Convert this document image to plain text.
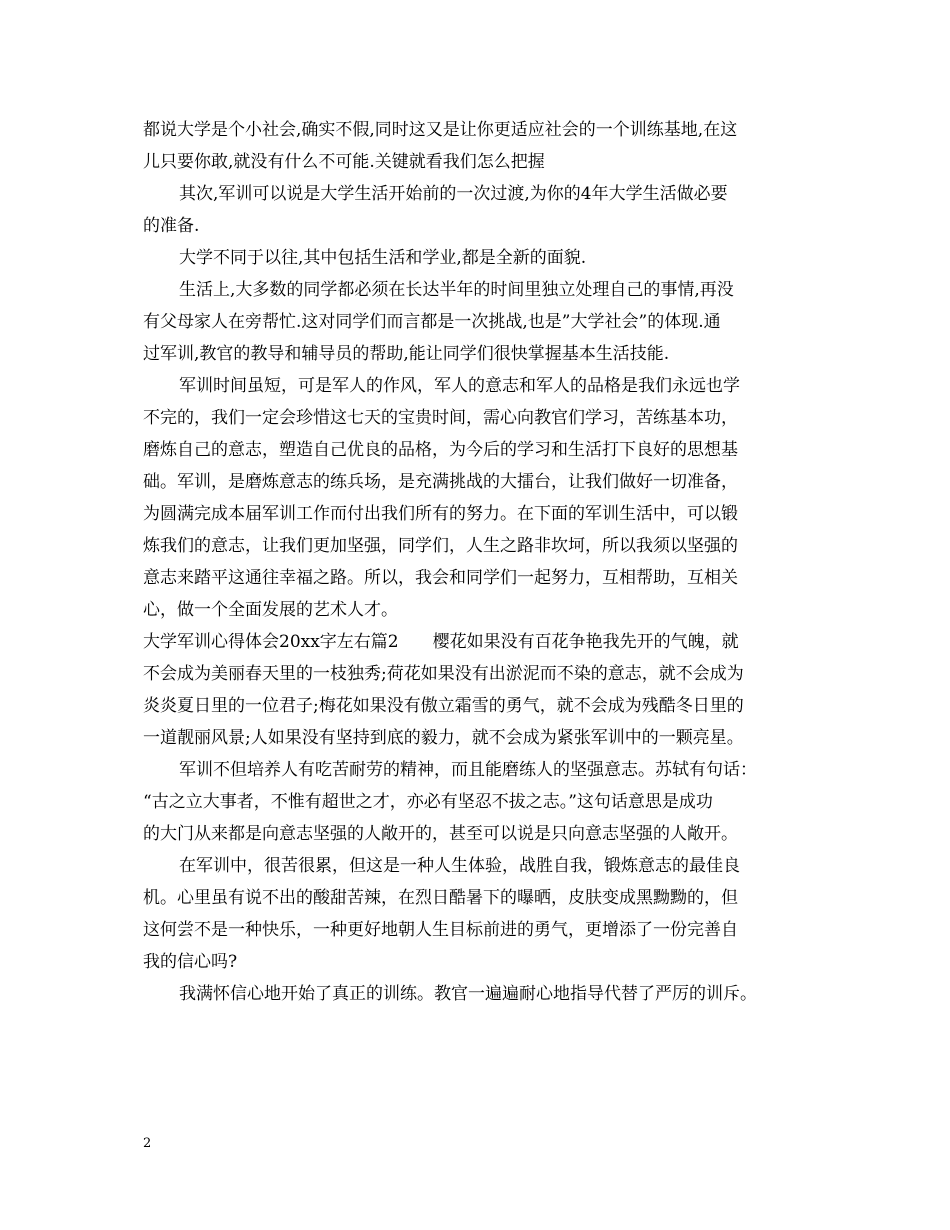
都说大学是个小社会,确实不假,同时这又是让你更适应社会的一个训练基地,在这
儿只要你敢,就没有什么不可能.关键就看我们怎么把握
其次,军训可以说是大学生活开始前的一次过渡,为你的4年大学生活做必要
的准备.
大学不同于以往,其中包括生活和学业,都是全新的面貌.
生活上,大多数的同学都必须在长达半年的时间里独立处理自己的事情,再没
有父母家人在旁帮忙.这对同学们而言都是一次挑战,也是”大学社会”的体现.通
过军训,教官的教导和辅导员的帮助,能让同学们很快掌握基本生活技能.
军训时间虽短，可是军人的作风，军人的意志和军人的品格是我们永远也学
不完的，我们一定会珍惜这七天的宝贵时间，需心向教官们学习，苦练基本功，
磨炼自己的意志，塑造自己优良的品格，为今后的学习和生活打下良好的思想基
础。军训，是磨炼意志的练兵场，是充满挑战的大擂台，让我们做好一切准备，
为圆满完成本届军训工作而付出我们所有的努力。在下面的军训生活中，可以锻
炼我们的意志，让我们更加坚强，同学们，人生之路非坎坷，所以我须以坚强的
意志来踏平这通往幸福之路。所以，我会和同学们一起努力，互相帮助，互相关
心，做一个全面发展的艺术人才。
大学军训心得体会20xx字左右篇2　　樱花如果没有百花争艳我先开的气魄，就
不会成为美丽春天里的一枝独秀;荷花如果没有出淤泥而不染的意志，就不会成为
炎炎夏日里的一位君子;梅花如果没有傲立霜雪的勇气，就不会成为残酷冬日里的
一道靓丽风景;人如果没有坚持到底的毅力，就不会成为紧张军训中的一颗亮星。
军训不但培养人有吃苦耐劳的精神，而且能磨练人的坚强意志。苏轼有句话：
“古之立大事者，不惟有超世之才，亦必有坚忍不拔之志。”这句话意思是成功
的大门从来都是向意志坚强的人敞开的，甚至可以说是只向意志坚强的人敞开。
在军训中，很苦很累，但这是一种人生体验，战胜自我，锻炼意志的最佳良
机。心里虽有说不出的酸甜苦辣，在烈日酷暑下的曝晒，皮肤变成黑黝黝的，但
这何尝不是一种快乐，一种更好地朝人生目标前进的勇气，更增添了一份完善自
我的信心吗?
我满怀信心地开始了真正的训练。教官一遍遍耐心地指导代替了严厉的训斥。
2
